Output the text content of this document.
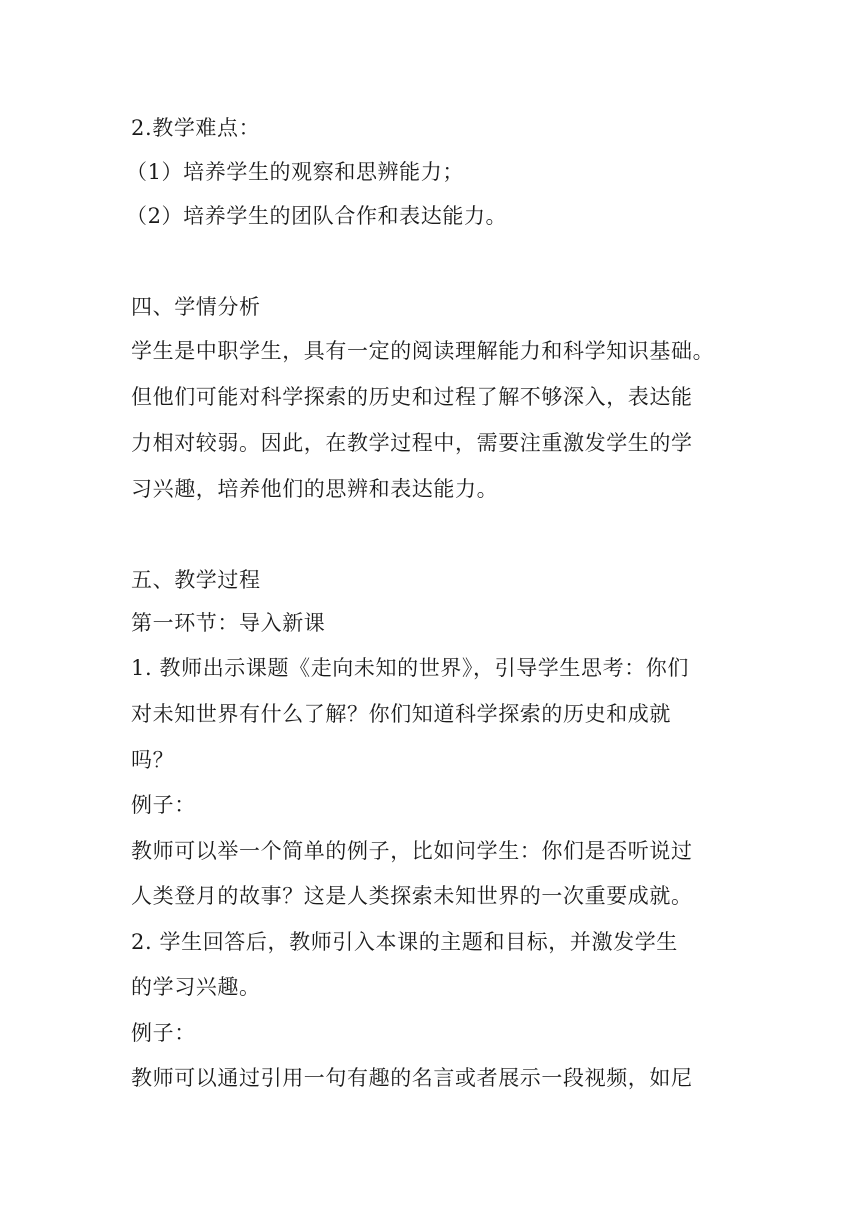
2.教学难点：
（1）培养学生的观察和思辨能力；
（2）培养学生的团队合作和表达能力。
四、学情分析
学生是中职学生，具有一定的阅读理解能力和科学知识基础。
但他们可能对科学探索的历史和过程了解不够深入，表达能
力相对较弱。因此，在教学过程中，需要注重激发学生的学
习兴趣，培养他们的思辨和表达能力。
五、教学过程
第一环节：导入新课
1. 教师出示课题《走向未知的世界》，引导学生思考：你们
对未知世界有什么了解？你们知道科学探索的历史和成就
吗？
例子：
教师可以举一个简单的例子，比如问学生：你们是否听说过
人类登月的故事？这是人类探索未知世界的一次重要成就。
2. 学生回答后，教师引入本课的主题和目标，并激发学生
的学习兴趣。
例子：
教师可以通过引用一句有趣的名言或者展示一段视频，如尼
